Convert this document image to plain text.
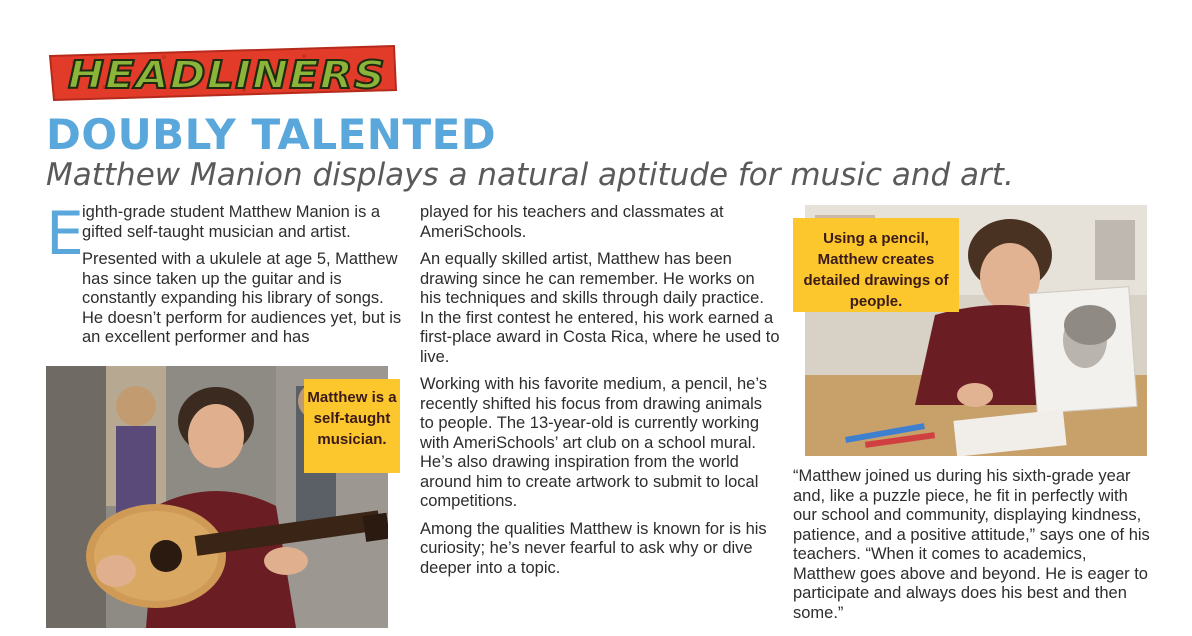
HEADLINERS
DOUBLY TALENTED
Matthew Manion displays a natural aptitude for music and art.
E

ighth-grade student Matthew Manion is a gifted self-taught musician and artist.

Presented with a ukulele at age 5, Matthew has since taken up the guitar and is constantly expanding his library of songs. He doesn’t perform for audiences yet, but is an excellent performer and has

Matthew is a self-taught musician.

played for his teachers and classmates at AmeriSchools.

An equally skilled artist, Matthew has been drawing since he can remember. He works on his techniques and skills through daily practice. In the first contest he entered, his work earned a first-place award in Costa Rica, where he used to live.

Working with his favorite medium, a pencil, he’s recently shifted his focus from drawing animals to people. The 13-year-old is currently working with AmeriSchools’ art club on a school mural. He’s also drawing inspiration from the world around him to create artwork to submit to local competitions.

Among the qualities Matthew is known for is his curiosity; he’s never fearful to ask why or dive deeper into a topic.

Using a pencil, Matthew creates detailed drawings of people.

“Matthew joined us during his sixth-grade year and, like a puzzle piece, he fit in perfectly with our school and community, displaying kindness, patience, and a positive attitude,” says one of his teachers. “When it comes to academics, Matthew goes above and beyond. He is eager to participate and always does his best and then some.”
